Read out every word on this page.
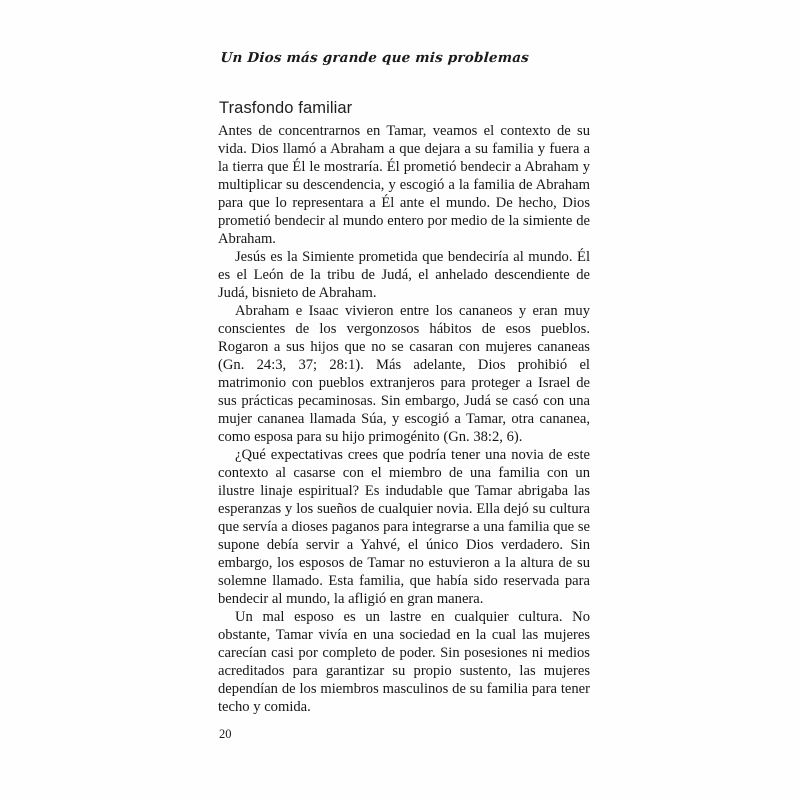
Un Dios más grande que mis problemas
Trasfondo familiar

Antes de concentrarnos en Tamar, veamos el contexto de su vida. Dios llamó a Abraham a que dejara a su familia y fuera a la tierra que Él le mostraría. Él prometió bendecir a Abraham y multiplicar su descendencia, y escogió a la familia de Abraham para que lo representara a Él ante el mundo. De hecho, Dios prometió bendecir al mundo entero por medio de la simiente de Abraham.

Jesús es la Simiente prometida que bendeciría al mundo. Él es el León de la tribu de Judá, el anhelado descendiente de Judá, bisnieto de Abraham.

Abraham e Isaac vivieron entre los cananeos y eran muy conscientes de los vergonzosos hábitos de esos pueblos. Rogaron a sus hijos que no se casaran con mujeres cananeas (Gn. 24:3, 37; 28:1). Más adelante, Dios prohibió el matrimonio con pueblos extranjeros para proteger a Israel de sus prácticas pecaminosas. Sin embargo, Judá se casó con una mujer cananea llamada Súa, y escogió a Tamar, otra cananea, como esposa para su hijo primogénito (Gn. 38:2, 6).

¿Qué expectativas crees que podría tener una novia de este contexto al casarse con el miembro de una familia con un ilustre linaje espiritual? Es indudable que Tamar abrigaba las esperanzas y los sueños de cualquier novia. Ella dejó su cultura que servía a dioses paganos para integrarse a una familia que se supone debía servir a Yahvé, el único Dios verdadero. Sin embargo, los esposos de Tamar no estuvieron a la altura de su solemne llamado. Esta familia, que había sido reservada para bendecir al mundo, la afligió en gran manera.

Un mal esposo es un lastre en cualquier cultura. No obstante, Tamar vivía en una sociedad en la cual las mujeres carecían casi por completo de poder. Sin posesiones ni medios acreditados para garantizar su propio sustento, las mujeres dependían de los miembros masculinos de su familia para tener techo y comida.

20
